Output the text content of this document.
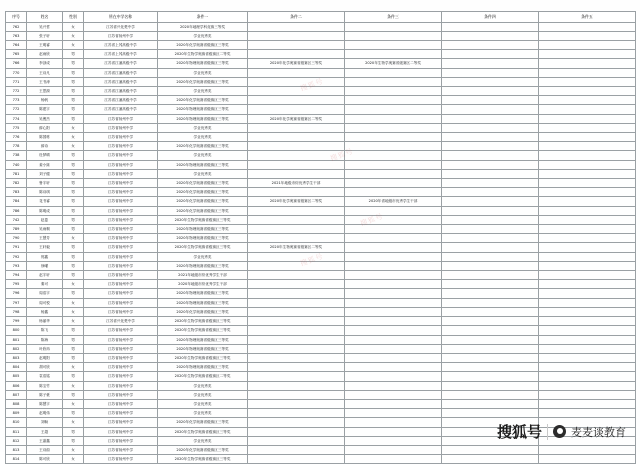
序号	姓名	性别	所在中学名称	条件一	条件二	条件三	条件四	条件五
762	吴兴哲	女	江苏省兴化楚中学	2020年地理学科竞赛三等奖				
763	张子轩	女	江苏省扬州中学	学业优秀类				
764	王明睿	女	江苏省上冈高级中学	2020年化学奥赛省级赛区三等奖				
765	赵雨欣	男	江苏省上冈高级中学	2020年生物学奥赛省级赛区二等奖				
766	李剑成	男	江苏省江浦高级中学	2020年物理奥赛省级赛区三等奖	2020年化学奥赛省级赛区三等奖	2020年生物学奥赛省级赛区二等奖		
770	王诗凡	男	江苏省江浦高级中学	学业优秀类				
771	王书涛	男	江苏省江浦高级中学	2020年化学奥赛省级赛区三等奖				
772	王思源	男	江苏省江浦高级中学	学业优秀类				
773	杨帆	男	江苏省江浦高级中学	2020年化学奥赛省级赛区三等奖				
772	陈建宇	男	江苏省江浦高级中学	2020年物理奥赛省级赛区三等奖				
774	吴俊杰	男	江苏省扬州中学	2020年物理奥赛省级赛区三等奖	2020年化学奥赛省级赛区二等奖			
775	薛心阳	女	江苏省扬州中学	学业优秀类				
776	陈国栋	女	江苏省扬州中学	学业优秀类				
778	薛诗	女	江苏省扬州中学	2020年化学奥赛省级赛区三等奖				
738	杜梦晴	男	江苏省扬州中学	学业优秀类				
740	姜小妹	男	江苏省扬州中学	2020年物理奥赛省级赛区三等奖				
781	刘子健	男	江苏省扬州中学	学业优秀类				
782	鲁宇轩	男	江苏省扬州中学	2020年化学奥赛省级赛区三等奖	2021年地级市综优秀学生干部			
783	陈诗琪	男	江苏省扬州中学	2020年化学奥赛省级赛区三等奖				
784	花书睿	男	江苏省扬州中学	2020年化学奥赛省级赛区三等奖	2020年化学奥赛省级赛区二等奖	2020年省地级市优秀学生干部		
786	陈明成	男	江苏省扬州中学	2020年化学奥赛省级赛区三等奖				
742	赵菱	男	江苏省扬州中学	2020年生物学奥赛省级赛区三等奖				
789	吴雨桐	男	江苏省扬州中学	2020年物理奥赛省级赛区三等奖				
790	王慧芳	女	江苏省扬州中学	2020年物理奥赛省级赛区三等奖				
791	王轩毅	男	江苏省扬州中学	2020年生物学奥赛省级赛区三等奖	2020年生物奥赛省级赛区二等奖			
792	郭鑫	男	江苏省扬州中学	学业优秀类				
793	徐曜	男	江苏省扬州中学	2020年物理奥赛省级赛区三等奖				
794	赵宇轩	男	江苏省扬州中学	2021年地级市综优秀学生干部				
795	秦可	女	江苏省扬州中学	2020年地级市综优秀学生干部				
796	周浩宇	男	江苏省扬州中学	2020年物理奥赛省级赛区三等奖				
797	周可悦	女	江苏省扬州中学	2020年物理奥赛省级赛区三等奖				
798	杨鑫	女	江苏省扬州中学	2020年化学奥赛省级赛区三等奖				
799	杨丽华	女	江苏省兴化楚中学	2020年生物学奥赛省级赛区三等奖				
800	陈飞	男	江苏省扬州中学	2020年生物学奥赛省级赛区三等奖				
801	陈海	男	江苏省扬州中学	2020年物理奥赛省级赛区三等奖				
802	叶欣冉	男	江苏省扬州中学	2020年物理奥赛省级赛区三等奖				
803	赵明阳	男	江苏省扬州中学	2020年生物学奥赛省级赛区三等奖				
804	胡可欣	女	江苏省扬州中学	2020年物理奥赛省级赛区三等奖				
805	袁浩铭	男	江苏省扬州中学	2020年生物学奥赛省级赛区二等奖				
806	陈宝竹	女	江苏省扬州中学	学业优秀类				
807	陈子豪	男	江苏省扬州中学	学业优秀类				
808	陈慧宇	女	江苏省扬州中学	学业优秀类				
809	赵明伟	男	江苏省扬州中学	学业优秀类				
810	刘畅	女	江苏省扬州中学	2020年化学奥赛省级赛区三等奖				
811	王超	男	江苏省扬州中学	2020年生物学奥赛省级赛区三等奖				
812	王嘉鑫	男	江苏省扬州中学	学业优秀类				
813	王诗韵	女	江苏省扬州中学	2020年化学奥赛省级赛区三等奖				
814	陈可欣	女	江苏省扬州中学	2020年生物学奥赛省级赛区三等奖				
搜狐号
搜狐号
搜狐号
搜狐号
搜狐号	麦麦谈教育
